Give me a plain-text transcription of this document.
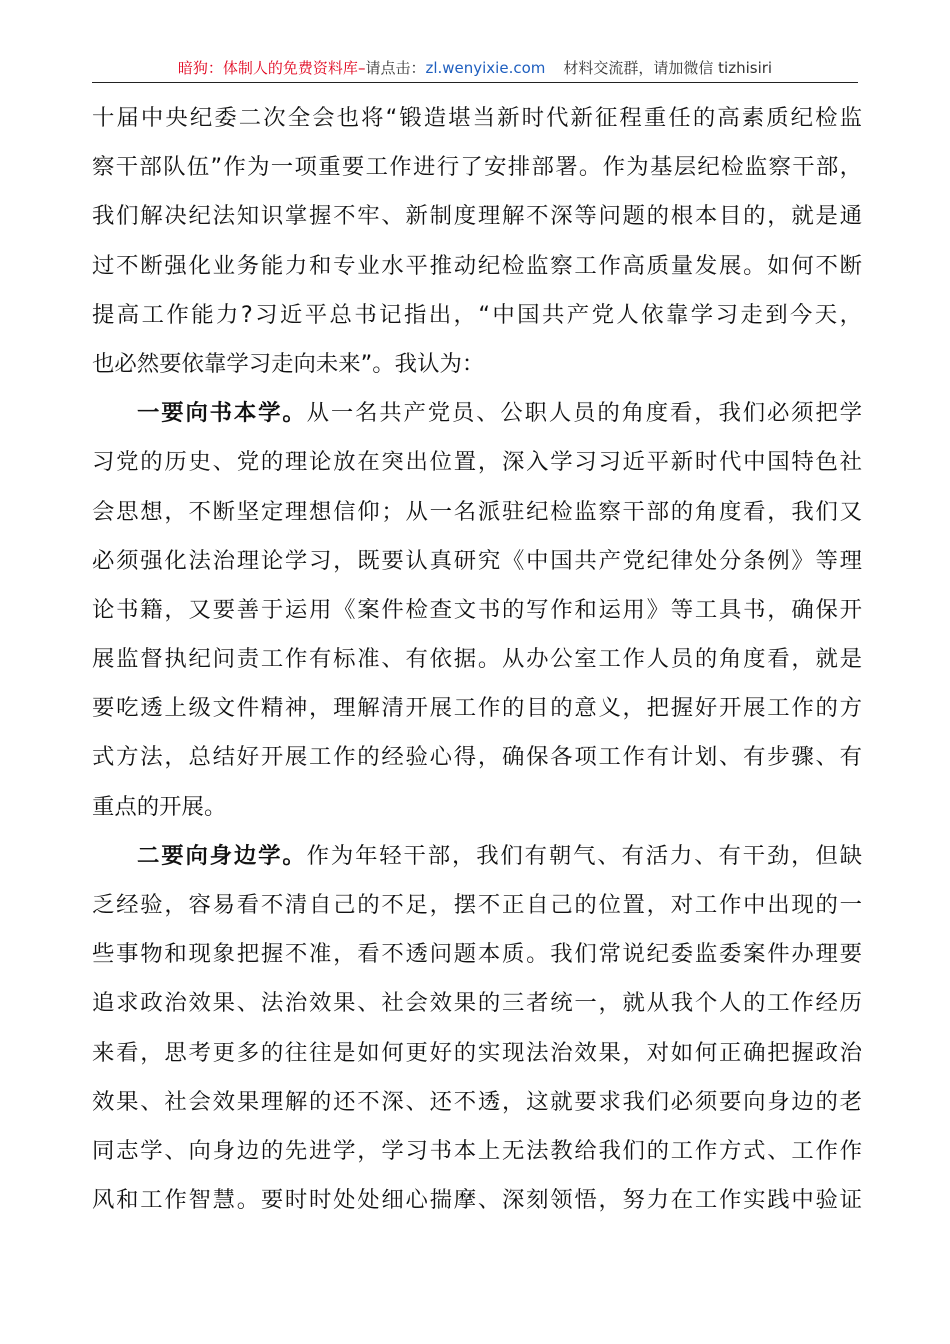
暗狗：体制人的免费资料库–请点击：zl.wenyixie.com 材料交流群，请加微信 tizhisiri
十届中央纪委二次全会也将“锻造堪当新时代新征程重任的高素质纪检监
察干部队伍”作为一项重要工作进行了安排部署。作为基层纪检监察干部，
我们解决纪法知识掌握不牢、新制度理解不深等问题的根本目的，就是通
过不断强化业务能力和专业水平推动纪检监察工作高质量发展。如何不断
提高工作能力?习近平总书记指出，“中国共产党人依靠学习走到今天，
也必然要依靠学习走向未来”。我认为：
一要向书本学。从一名共产党员、公职人员的角度看，我们必须把学
习党的历史、党的理论放在突出位置，深入学习习近平新时代中国特色社
会思想，不断坚定理想信仰；从一名派驻纪检监察干部的角度看，我们又
必须强化法治理论学习，既要认真研究《中国共产党纪律处分条例》等理
论书籍，又要善于运用《案件检查文书的写作和运用》等工具书，确保开
展监督执纪问责工作有标准、有依据。从办公室工作人员的角度看，就是
要吃透上级文件精神，理解清开展工作的目的意义，把握好开展工作的方
式方法，总结好开展工作的经验心得，确保各项工作有计划、有步骤、有
重点的开展。
二要向身边学。作为年轻干部，我们有朝气、有活力、有干劲，但缺
乏经验，容易看不清自己的不足，摆不正自己的位置，对工作中出现的一
些事物和现象把握不准，看不透问题本质。我们常说纪委监委案件办理要
追求政治效果、法治效果、社会效果的三者统一，就从我个人的工作经历
来看，思考更多的往往是如何更好的实现法治效果，对如何正确把握政治
效果、社会效果理解的还不深、还不透，这就要求我们必须要向身边的老
同志学、向身边的先进学，学习书本上无法教给我们的工作方式、工作作
风和工作智慧。要时时处处细心揣摩、深刻领悟，努力在工作实践中验证
